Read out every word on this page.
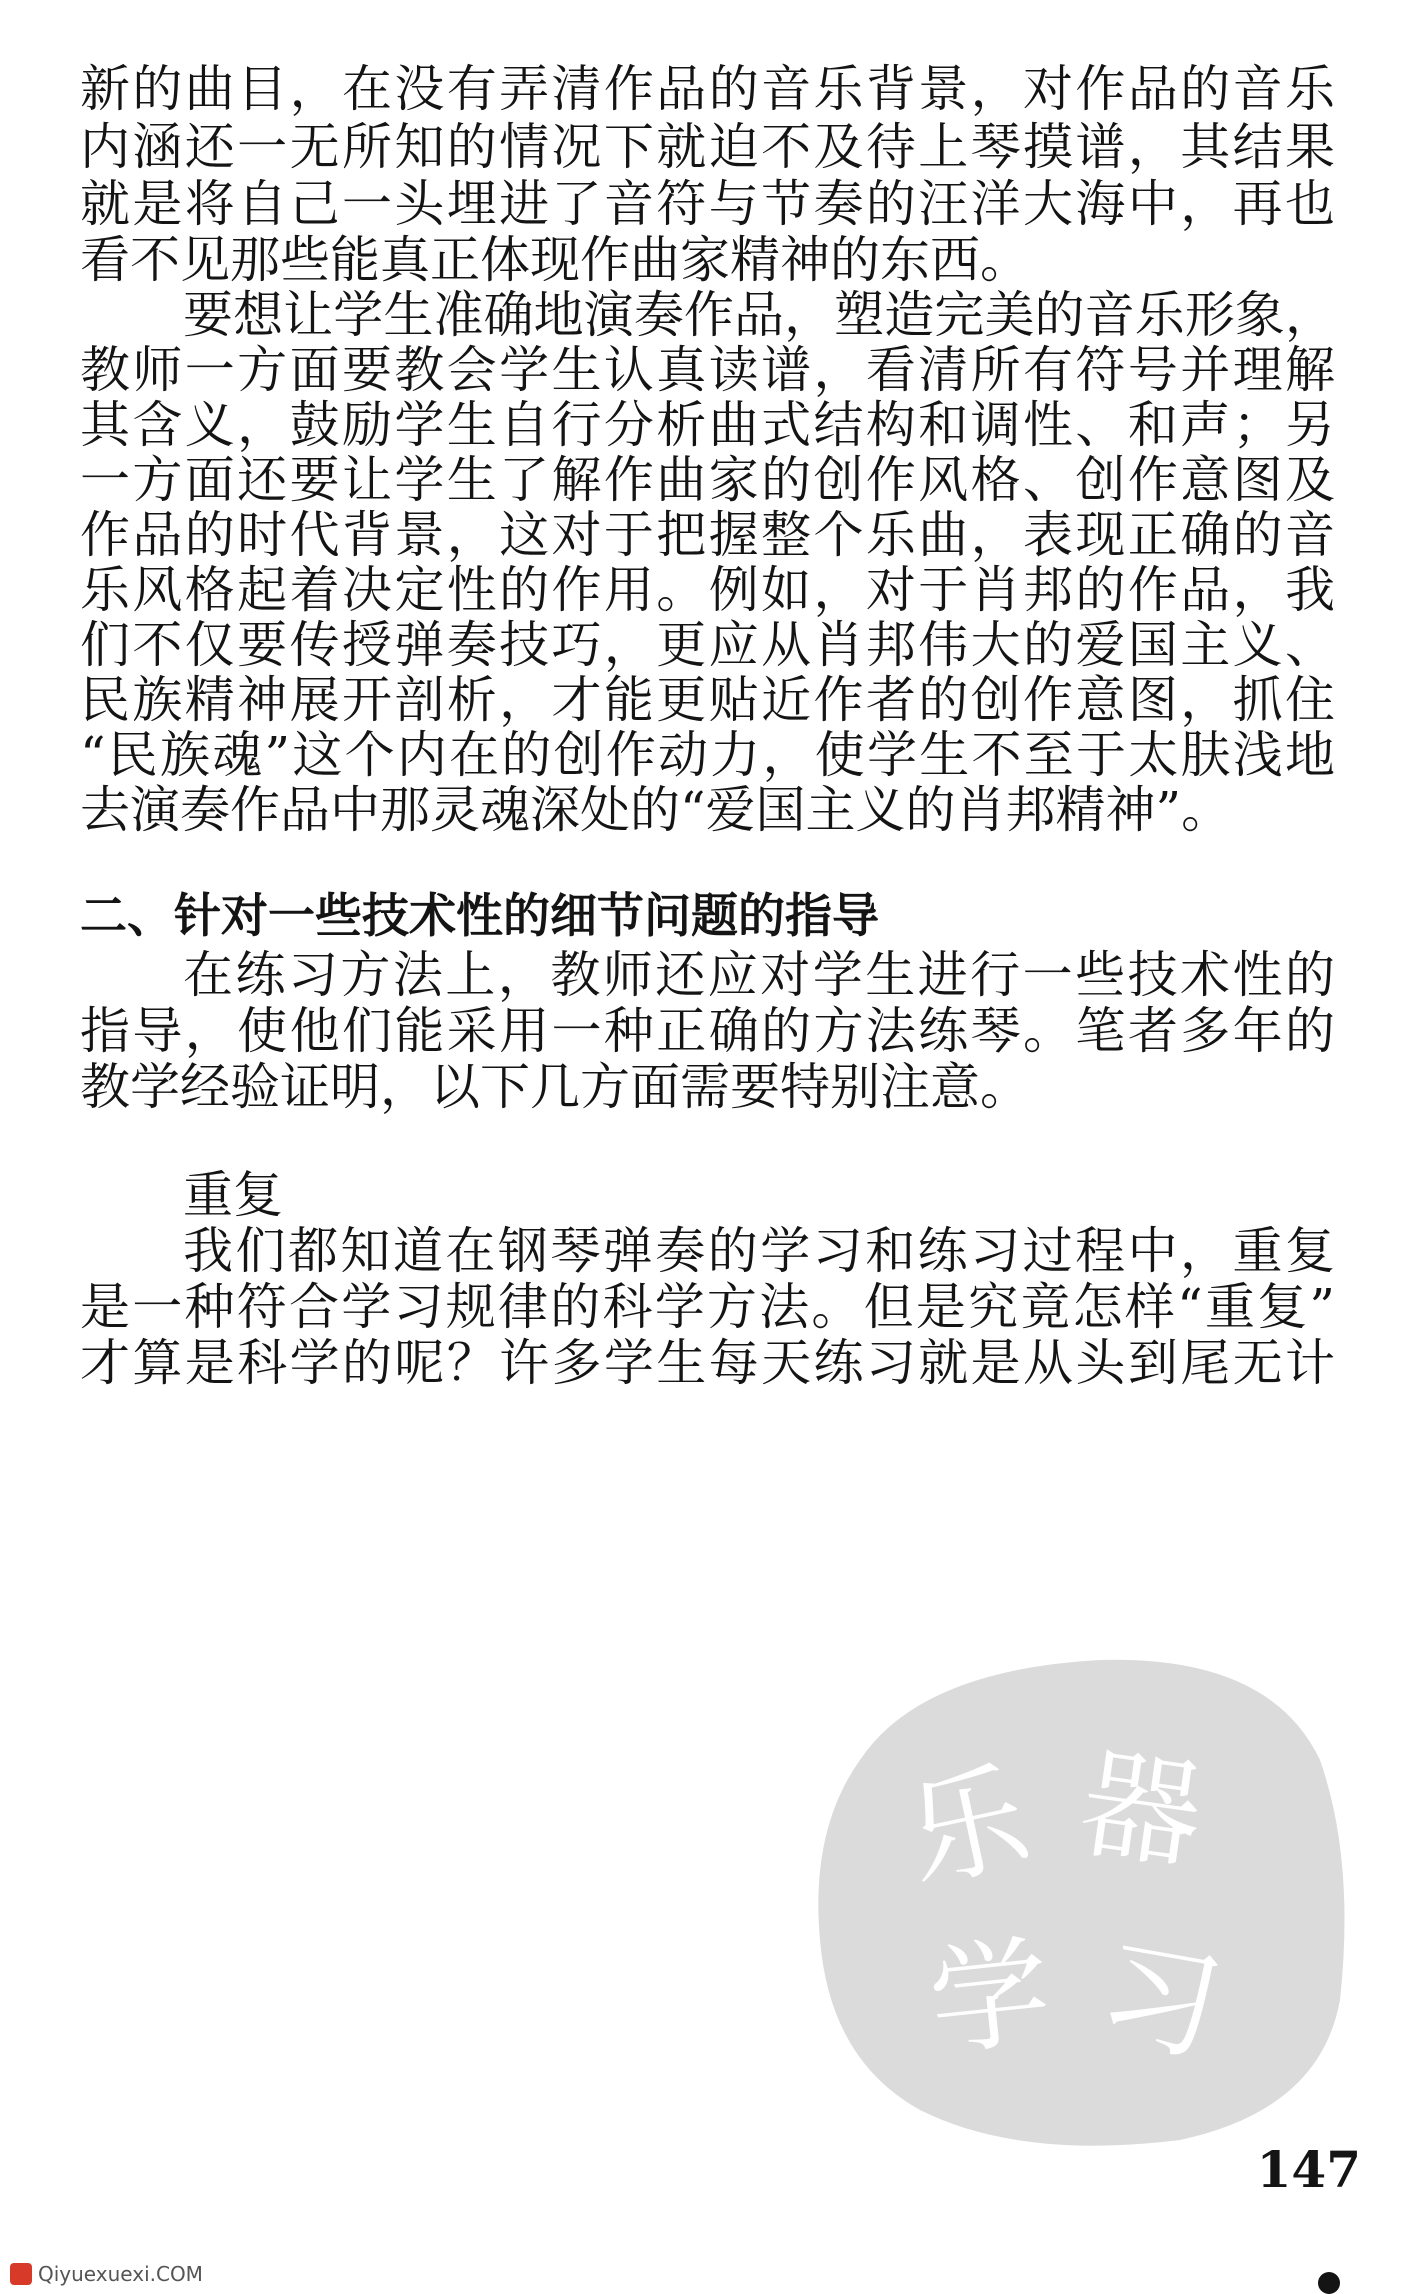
新的曲目，在没有弄清作品的音乐背景，对作品的音乐
内涵还一无所知的情况下就迫不及待上琴摸谱，其结果
就是将自己一头埋进了音符与节奏的汪洋大海中，再也
看不见那些能真正体现作曲家精神的东西。
要想让学生准确地演奏作品，塑造完美的音乐形象，
教师一方面要教会学生认真读谱，看清所有符号并理解
其含义，鼓励学生自行分析曲式结构和调性、和声；另
一方面还要让学生了解作曲家的创作风格、创作意图及
作品的时代背景，这对于把握整个乐曲，表现正确的音
乐风格起着决定性的作用。例如，对于肖邦的作品，我
们不仅要传授弹奏技巧，更应从肖邦伟大的爱国主义、
民族精神展开剖析，才能更贴近作者的创作意图，抓住
“民族魂”这个内在的创作动力，使学生不至于太肤浅地
去演奏作品中那灵魂深处的“爱国主义的肖邦精神”。
二、针对一些技术性的细节问题的指导
在练习方法上，教师还应对学生进行一些技术性的
指导，使他们能采用一种正确的方法练琴。笔者多年的
教学经验证明，以下几方面需要特别注意。
乐 器
学 习
重复
我们都知道在钢琴弹奏的学习和练习过程中，重复
是一种符合学习规律的科学方法。但是究竟怎样“重复”
才算是科学的呢？许多学生每天练习就是从头到尾无计
147
Qiyuexuexi.COM
